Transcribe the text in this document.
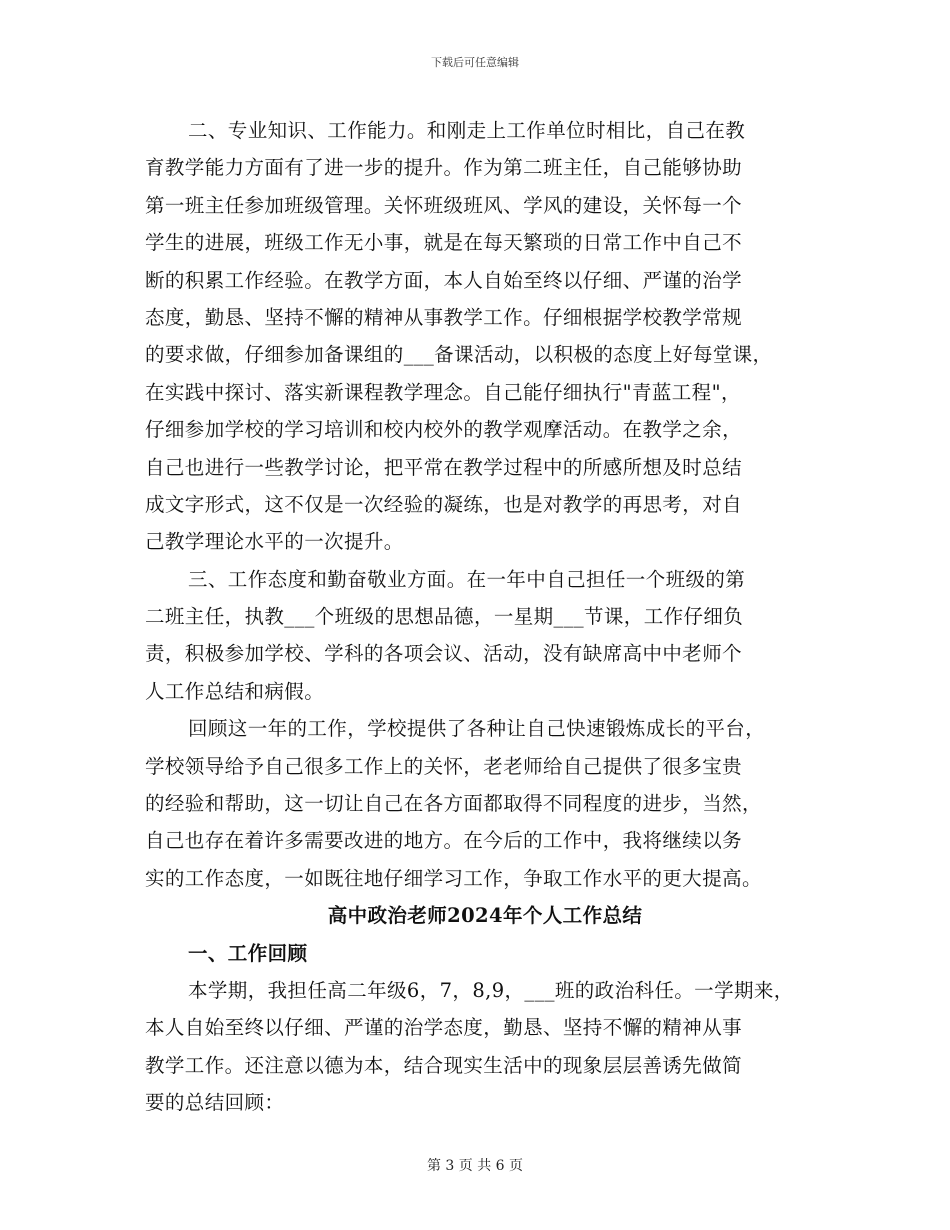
下载后可任意编辑
二、专业知识、工作能力。和刚走上工作单位时相比，自己在教
育教学能力方面有了进一步的提升。作为第二班主任，自己能够协助
第一班主任参加班级管理。关怀班级班风、学风的建设，关怀每一个
学生的进展，班级工作无小事，就是在每天繁琐的日常工作中自己不
断的积累工作经验。在教学方面，本人自始至终以仔细、严谨的治学
态度，勤恳、坚持不懈的精神从事教学工作。仔细根据学校教学常规
的要求做，仔细参加备课组的___备课活动，以积极的态度上好每堂课，
在实践中探讨、落实新课程教学理念。自己能仔细执行"青蓝工程"，
仔细参加学校的学习培训和校内校外的教学观摩活动。在教学之余，
自己也进行一些教学讨论，把平常在教学过程中的所感所想及时总结
成文字形式，这不仅是一次经验的凝练，也是对教学的再思考，对自
己教学理论水平的一次提升。
三、工作态度和勤奋敬业方面。在一年中自己担任一个班级的第
二班主任，执教___个班级的思想品德，一星期___节课，工作仔细负
责，积极参加学校、学科的各项会议、活动，没有缺席高中中老师个
人工作总结和病假。
回顾这一年的工作，学校提供了各种让自己快速锻炼成长的平台，
学校领导给予自己很多工作上的关怀，老老师给自己提供了很多宝贵
的经验和帮助，这一切让自己在各方面都取得不同程度的进步，当然，
自己也存在着许多需要改进的地方。在今后的工作中，我将继续以务
实的工作态度，一如既往地仔细学习工作，争取工作水平的更大提高。
高中政治老师2024年个人工作总结
一、工作回顾
本学期，我担任高二年级6，7，8,9，___班的政治科任。一学期来，
本人自始至终以仔细、严谨的治学态度，勤恳、坚持不懈的精神从事
教学工作。还注意以德为本，结合现实生活中的现象层层善诱先做简
要的总结回顾：
第 3 页 共 6 页
